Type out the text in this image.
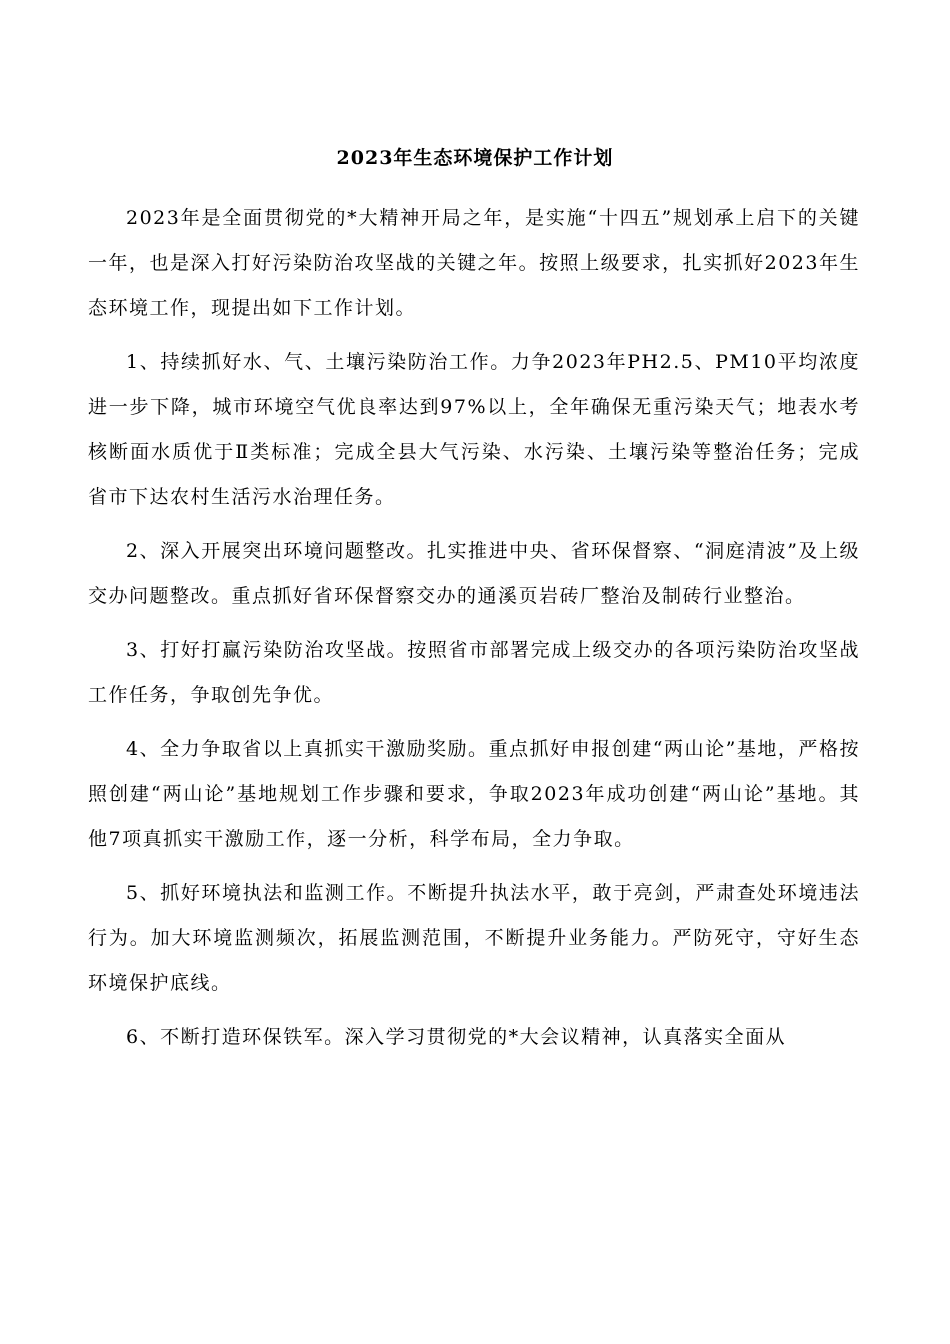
2023年生态环境保护工作计划

2023年是全面贯彻党的*大精神开局之年，是实施“十四五”规划承上启下的关键一年，也是深入打好污染防治攻坚战的关键之年。按照上级要求，扎实抓好2023年生态环境工作，现提出如下工作计划。

1、持续抓好水、气、土壤污染防治工作。力争2023年PH2.5、PM10平均浓度进一步下降，城市环境空气优良率达到97%以上，全年确保无重污染天气；地表水考核断面水质优于Ⅱ类标准；完成全县大气污染、水污染、土壤污染等整治任务；完成省市下达农村生活污水治理任务。

2、深入开展突出环境问题整改。扎实推进中央、省环保督察、“洞庭清波”及上级交办问题整改。重点抓好省环保督察交办的通溪页岩砖厂整治及制砖行业整治。

3、打好打赢污染防治攻坚战。按照省市部署完成上级交办的各项污染防治攻坚战工作任务，争取创先争优。

4、全力争取省以上真抓实干激励奖励。重点抓好申报创建“两山论”基地，严格按照创建“两山论”基地规划工作步骤和要求，争取2023年成功创建“两山论”基地。其他7项真抓实干激励工作，逐一分析，科学布局，全力争取。

5、抓好环境执法和监测工作。不断提升执法水平，敢于亮剑，严肃查处环境违法行为。加大环境监测频次，拓展监测范围，不断提升业务能力。严防死守，守好生态环境保护底线。

6、不断打造环保铁军。深入学习贯彻党的*大会议精神，认真落实全面从
